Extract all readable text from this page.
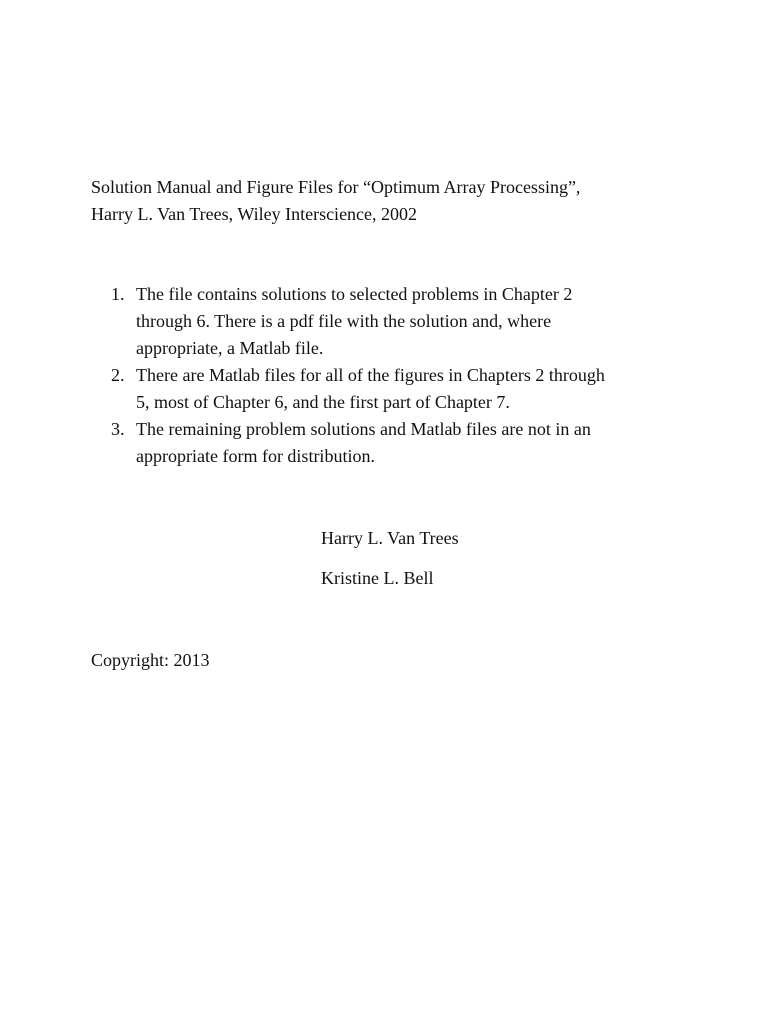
Solution Manual and Figure Files for “Optimum Array Processing”,
Harry L. Van Trees, Wiley Interscience, 2002
1. The file contains solutions to selected problems in Chapter 2
through 6. There is a pdf file with the solution and, where
appropriate, a Matlab file.
2. There are Matlab files for all of the figures in Chapters 2 through
5, most of Chapter 6, and the first part of Chapter 7.
3. The remaining problem solutions and Matlab files are not in an
appropriate form for distribution.
Harry L. Van Trees
Kristine L. Bell
Copyright: 2013
